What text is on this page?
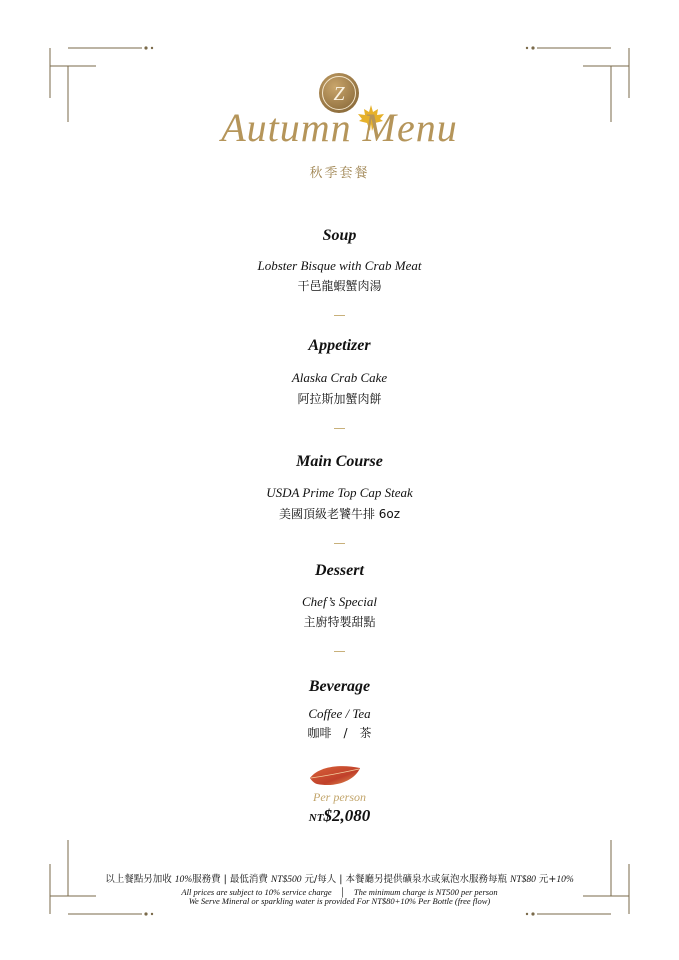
Z
Autumn Menu
秋季套餐
Soup
Lobster Bisque with Crab Meat
干邑龍蝦蟹肉湯
Appetizer
Alaska Crab Cake
阿拉斯加蟹肉餅
Main Course
USDA Prime Top Cap Steak
美國頂級老饕牛排 6oz
Dessert
Chef’s Special
主廚特製甜點
Beverage
Coffee / Tea
咖啡　/　茶
Per person
NT$2,080
以上餐點另加收 10%服務費 | 最低消費 NT$500 元/每人 | 本餐廳另提供礦泉水或氣泡水服務每瓶 NT$80 元+10%
All prices are subject to 10% service charge　│　The minimum charge is NT500 per person
We Serve Mineral or sparkling water is provided For NT$80+10% Per Bottle (free flow)
